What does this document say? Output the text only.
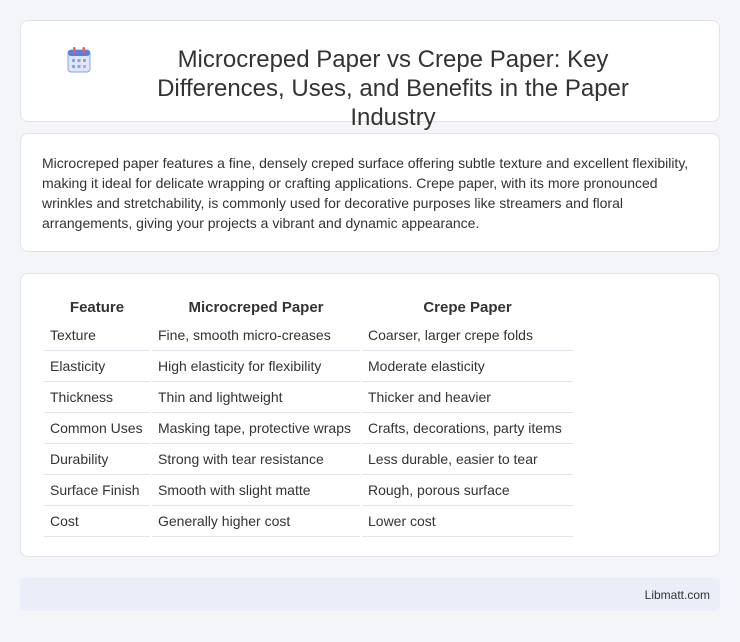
Microcreped Paper vs Crepe Paper: Key Differences, Uses, and Benefits in the Paper Industry

Microcreped paper features a fine, densely creped surface offering subtle texture and excellent flexibility, making it ideal for delicate wrapping or crafting applications. Crepe paper, with its more pronounced wrinkles and stretchability, is commonly used for decorative purposes like streamers and floral arrangements, giving your projects a vibrant and dynamic appearance.

Feature	Microcreped Paper	Crepe Paper
Texture	Fine, smooth micro-creases	Coarser, larger crepe folds
Elasticity	High elasticity for flexibility	Moderate elasticity
Thickness	Thin and lightweight	Thicker and heavier
Common Uses	Masking tape, protective wraps	Crafts, decorations, party items
Durability	Strong with tear resistance	Less durable, easier to tear
Surface Finish	Smooth with slight matte	Rough, porous surface
Cost	Generally higher cost	Lower cost
Libmatt.com
